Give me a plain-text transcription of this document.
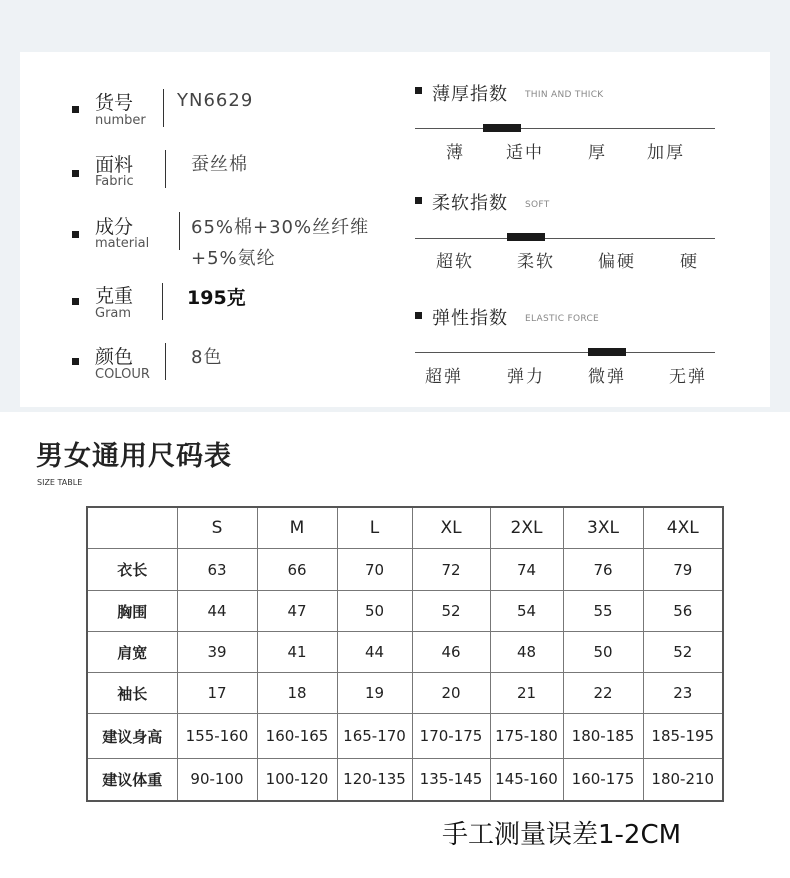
货号
number
YN6629
面料
Fabric
蚕丝棉
成分
material
65%棉+30%丝纤维
+5%氨纶
克重
Gram
195克
颜色
COLOUR
8色
薄厚指数 THIN AND THICK
薄 适中	厚 加厚
柔软指数 SOFT
超软	柔软	偏硬	硬
弹性指数 ELASTIC FORCE
超弹	弹力	微弹	无弹
男女通用尺码表
SIZE TABLE
	S	M	L	XL	2XL	3XL	4XL
衣长	63	66	70	72	74	76	79
胸围	44	47	50	52	54	55	56
肩宽	39	41	44	46	48	50	52
袖长	17	18	19	20	21	22	23
建议身高	155-160	160-165	165-170	170-175	175-180	180-185	185-195
建议体重	90-100	100-120	120-135	135-145	145-160	160-175	180-210
手工测量误差1-2CM
